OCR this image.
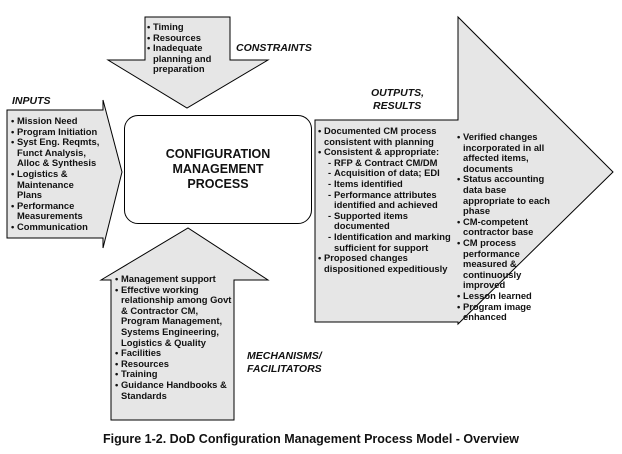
CONFIGURATION
MANAGEMENT
PROCESS
• Timing
• Resources
• Inadequate planning and preparation
CONSTRAINTS
INPUTS
• Mission Need
• Program Initiation
• Syst Eng. Reqmts, Funct Analysis, Alloc & Synthesis
• Logistics & Maintenance Plans
• Performance Measurements
• Communication
OUTPUTS,
RESULTS
• Documented CM process consistent with planning
• Consistent & appropriate:
- RFP & Contract CM/DM
- Acquisition of data; EDI
- Items identified
- Performance attributes identified and achieved
- Supported items documented
- Identification and marking sufficient for support
• Proposed changes dispositioned expeditiously
• Verified changes incorporated in all affected items, documents
• Status accounting data base appropriate to each phase
• CM-competent contractor base
• CM process performance measured & continuously improved
• Lesson learned
• Program image enhanced
• Management support
• Effective working relationship among Govt & Contractor CM, Program Management, Systems Engineering, Logistics & Quality
• Facilities
• Resources
• Training
• Guidance Handbooks & Standards
MECHANISMS/
FACILITATORS
Figure 1-2. DoD Configuration Management Process Model - Overview
